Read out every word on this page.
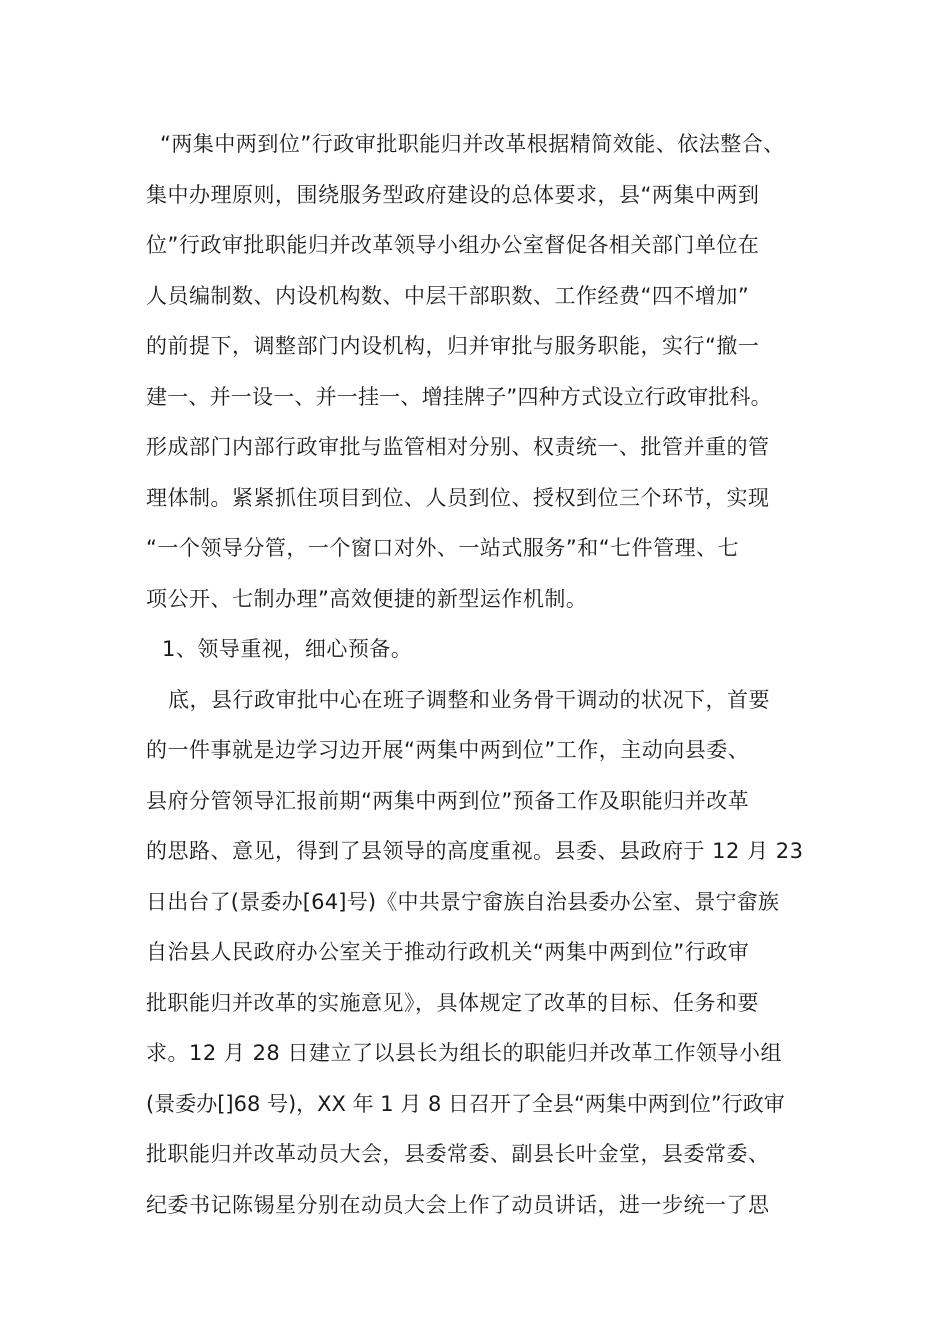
“两集中两到位”行政审批职能归并改革根据精简效能、依法整合、
集中办理原则，围绕服务型政府建设的总体要求，县“两集中两到
位”行政审批职能归并改革领导小组办公室督促各相关部门单位在
人员编制数、内设机构数、中层干部职数、工作经费“四不增加”
的前提下，调整部门内设机构，归并审批与服务职能，实行“撤一
建一、并一设一、并一挂一、增挂牌子”四种方式设立行政审批科。
形成部门内部行政审批与监管相对分别、权责统一、批管并重的管
理体制。紧紧抓住项目到位、人员到位、授权到位三个环节，实现
“一个领导分管，一个窗口对外、一站式服务”和“七件管理、七
项公开、七制办理”高效便捷的新型运作机制。
1、领导重视，细心预备。
底，县行政审批中心在班子调整和业务骨干调动的状况下，首要
的一件事就是边学习边开展“两集中两到位”工作，主动向县委、
县府分管领导汇报前期“两集中两到位”预备工作及职能归并改革
的思路、意见，得到了县领导的高度重视。县委、县政府于 12 月 23
日出台了(景委办[64]号)《中共景宁畲族自治县委办公室、景宁畲族
自治县人民政府办公室关于推动行政机关“两集中两到位”行政审
批职能归并改革的实施意见》，具体规定了改革的目标、任务和要
求。12 月 28 日建立了以县长为组长的职能归并改革工作领导小组
(景委办[]68 号)，XX 年 1 月 8 日召开了全县“两集中两到位”行政审
批职能归并改革动员大会，县委常委、副县长叶金堂，县委常委、
纪委书记陈锡星分别在动员大会上作了动员讲话，进一步统一了思
